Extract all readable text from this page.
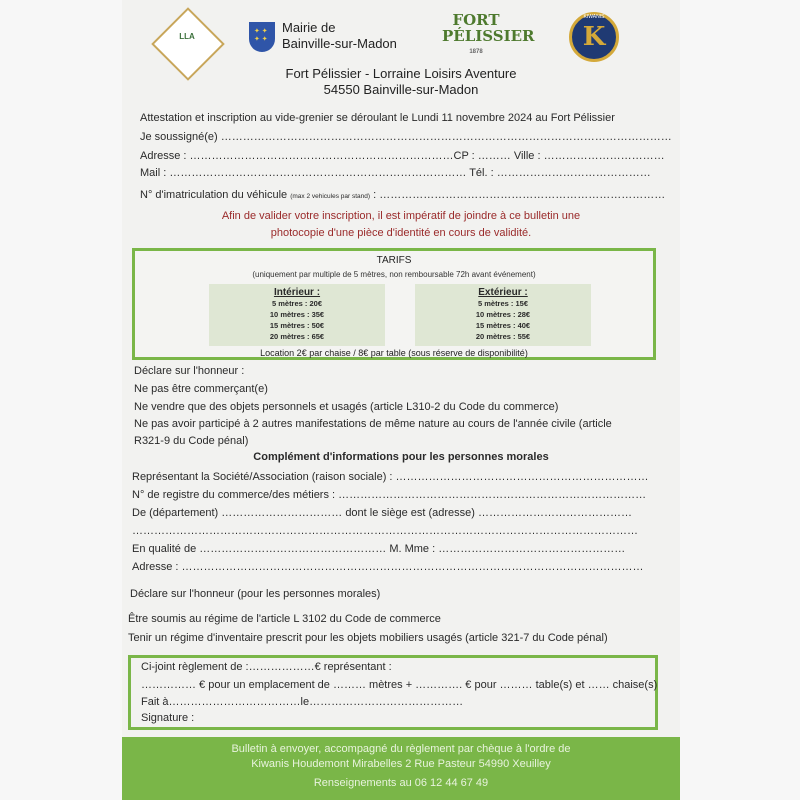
LLA
✦ ✦ ✦ ✦
Mairie de
Bainville-sur-Madon
FORT
PÉLISSIER
1878	K
KIWANIS
Fort Pélissier - Lorraine Loisirs Aventure
54550 Bainville-sur-Madon
Attestation et inscription au vide-grenier se déroulant le Lundi 11 novembre 2024 au Fort Pélissier
Je soussigné(e) ……………………………………………………………………………………………………………
Adresse : ………………………………………………………………CP : ……… Ville : ……………………………
Mail : ……………………………………………………………………… Tél. : ……………………………………
N° d'imatriculation du véhicule (max 2 vehicules par stand) : ……………………………………………………………………
Afin de valider votre inscription, il est impératif de joindre à ce bulletin une
photocopie d'une pièce d'identité en cours de validité.
TARIFS
(uniquement par multiple de 5 mètres, non remboursable 72h avant événement)
Intérieur :
5 mètres : 20€
10 mètres : 35€
15 mètres : 50€
20 mètres : 65€
Extérieur :
5 mètres : 15€
10 mètres : 28€
15 mètres : 40€
20 mètres : 55€
Location 2€ par chaise / 8€ par table (sous réserve de disponibilité)
Déclare sur l'honneur :
Ne pas être commerçant(e)
Ne vendre que des objets personnels et usagés (article L310-2 du Code du commerce)
Ne pas avoir participé à 2 autres manifestations de même nature au cours de l'année civile (article
R321-9 du Code pénal)
Complément d'informations pour les personnes morales
Représentant la Société/Association (raison sociale) : ……………………………………………………………
N° de registre du commerce/des métiers : …………………………………………………………………………
De (département) …………………………… dont le siège est (adresse) ……………………………………
…………………………………………………………………………………………………………………………
En qualité de …………………………………………… M. Mme : ……………………………………………
Adresse : ………………………………………………………………………………………………………………
Déclare sur l'honneur (pour les personnes morales)
Être soumis au régime de l'article L 3102 du Code de commerce
Tenir un régime d'inventaire prescrit pour les objets mobiliers usagés (article 321-7 du Code pénal)
Ci-joint règlement de :………………€ représentant :
…………… € pour un emplacement de ……… mètres + …………. € pour ……… table(s) et …… chaise(s)
Fait à………………………………le……………………………………
Signature :
Bulletin à envoyer, accompagné du règlement par chèque à l'ordre de
Kiwanis Houdemont Mirabelles 2 Rue Pasteur 54990 Xeuilley
Renseignements au 06 12 44 67 49
